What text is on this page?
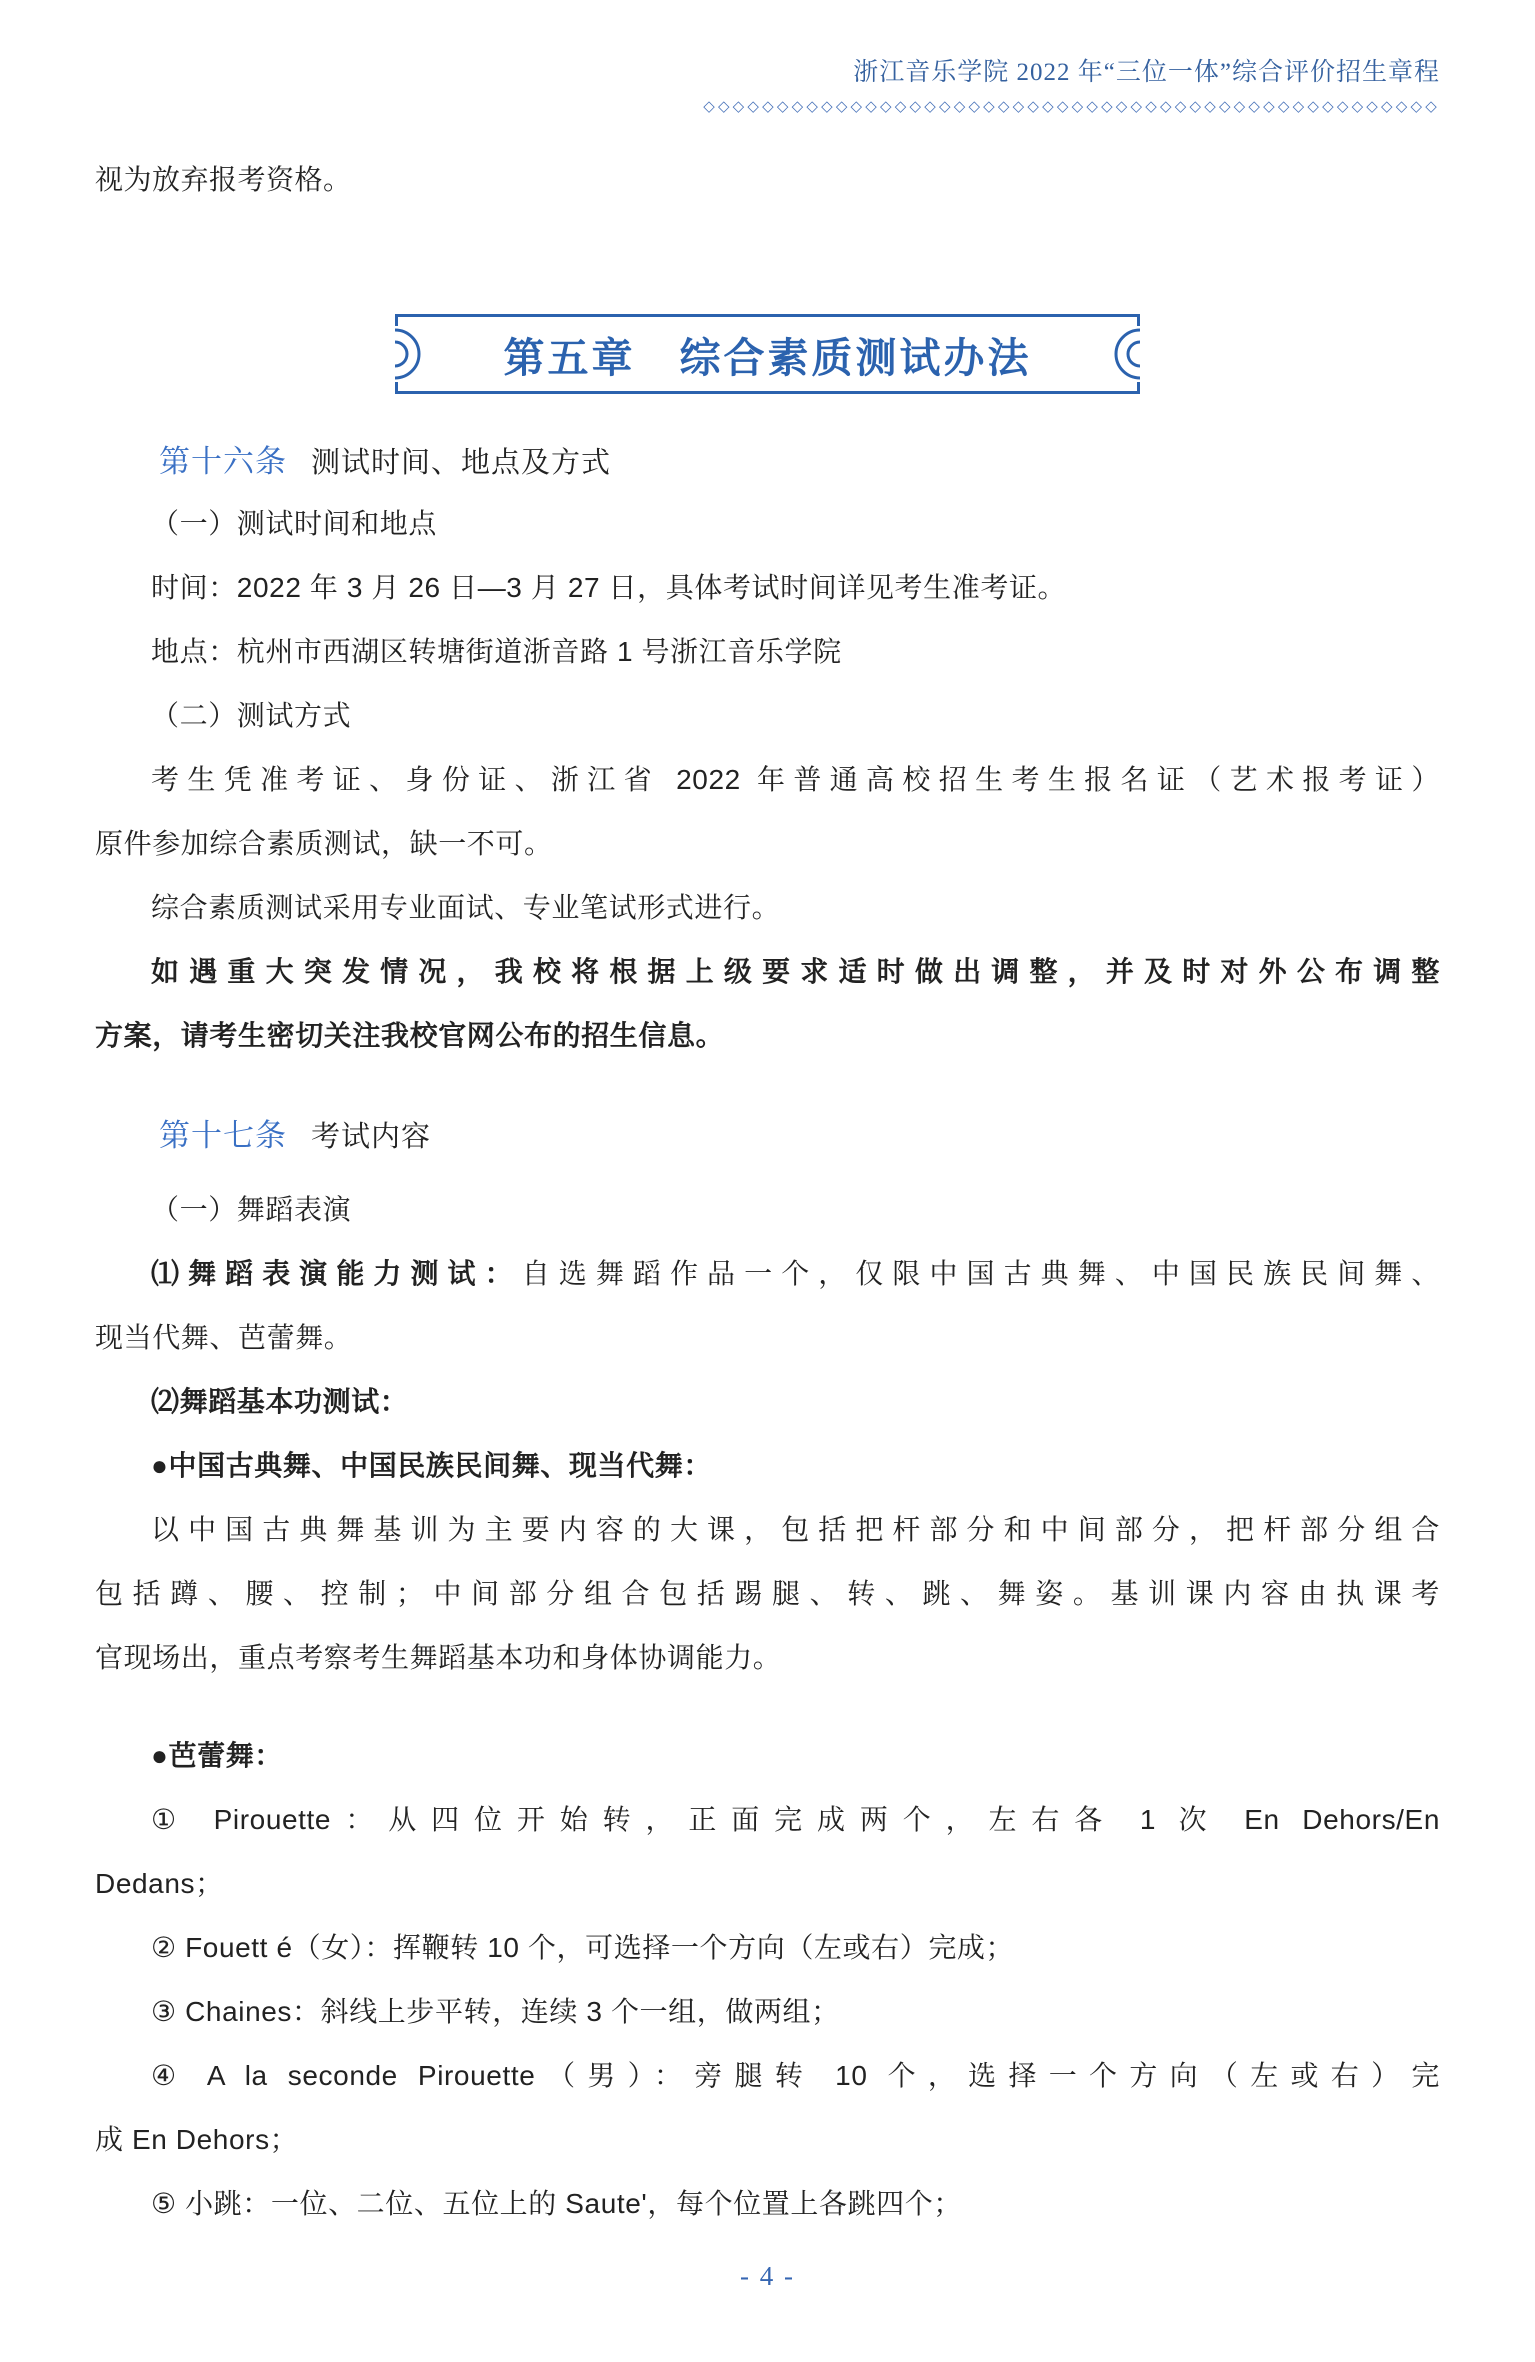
浙江音乐学院 2022 年“三位一体”综合评价招生章程
◇◇◇◇◇◇◇◇◇◇◇◇◇◇◇◇◇◇◇◇◇◇◇◇◇◇◇◇◇◇◇◇◇◇◇◇◇◇◇◇◇◇◇◇◇◇◇◇◇◇
视为放弃报考资格。
第五章　综合素质测试办法
第十六条 测试时间、地点及方式
（一）测试时间和地点
时间：2022 年 3 月 26 日—3 月 27 日，具体考试时间详见考生准考证。
地点：杭州市西湖区转塘街道浙音路 1 号浙江音乐学院
（二）测试方式
考生凭准考证、身份证、浙江省 2022 年普通高校招生考生报名证（艺术报考证）
原件参加综合素质测试，缺一不可。
综合素质测试采用专业面试、专业笔试形式进行。
如遇重大突发情况，我校将根据上级要求适时做出调整，并及时对外公布调整
方案，请考生密切关注我校官网公布的招生信息。
第十七条 考试内容
（一）舞蹈表演
⑴舞蹈表演能力测试：自选舞蹈作品一个，仅限中国古典舞、中国民族民间舞、
现当代舞、芭蕾舞。
⑵舞蹈基本功测试：
●中国古典舞、中国民族民间舞、现当代舞：
以中国古典舞基训为主要内容的大课，包括把杆部分和中间部分，把杆部分组合
包括蹲、腰、控制；中间部分组合包括踢腿、转、跳、舞姿。基训课内容由执课考
官现场出，重点考察考生舞蹈基本功和身体协调能力。
●芭蕾舞：
① Pirouette：从四位开始转，正面完成两个，左右各 1 次 En Dehors/En
Dedans；
② Fouett é（女）：挥鞭转 10 个，可选择一个方向（左或右）完成；
③ Chaines：斜线上步平转，连续 3 个一组，做两组；
④ A la seconde Pirouette（男）：旁腿转 10 个，选择一个方向（左或右）完
成 En Dehors；
⑤ 小跳：一位、二位、五位上的 Saute'，每个位置上各跳四个；
- 4 -
